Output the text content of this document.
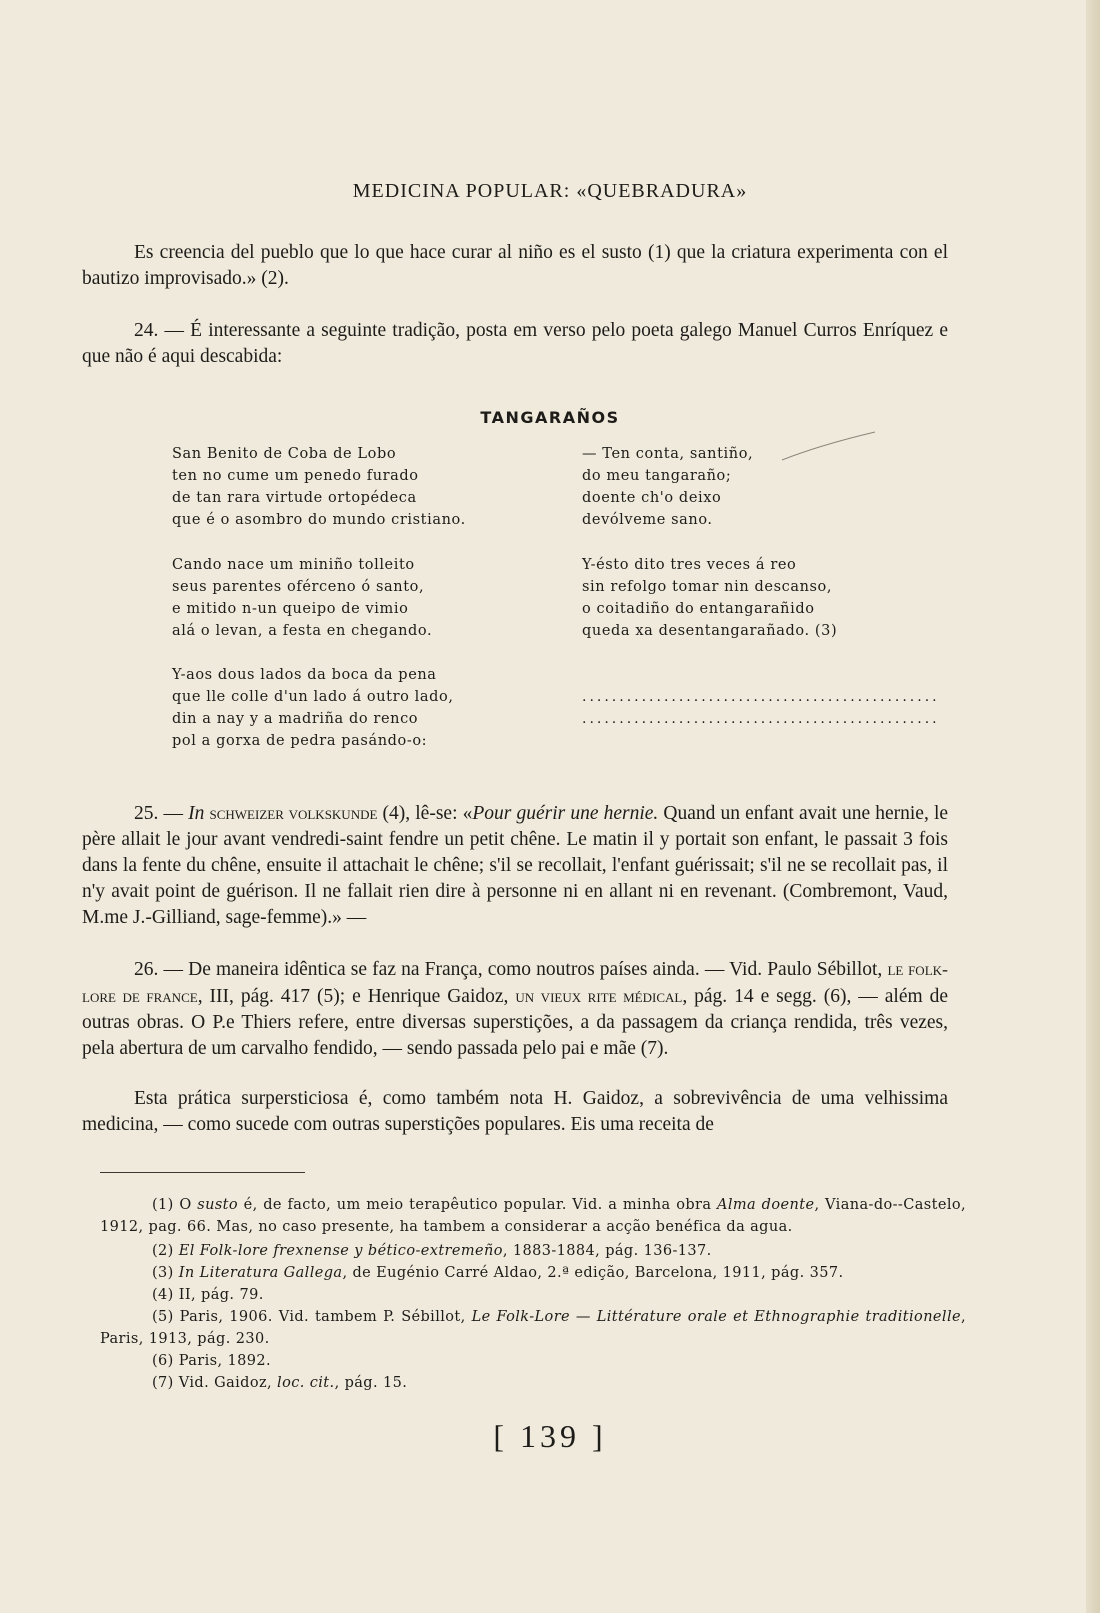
MEDICINA POPULAR: «QUEBRADURA»

Es creencia del pueblo que lo que hace curar al niño es el susto (1) que la criatura experimenta con el bautizo improvisado.» (2).

24. — É interessante a seguinte tradição, posta em verso pelo poeta galego Manuel Curros Enríquez e que não é aqui descabida:

TANGARAÑOS
San Benito de Coba de Lobo
ten no cume um penedo furado
de tan rara virtude ortopédeca
que é o asombro do mundo cristiano.
Cando nace um miniño tolleito
seus parentes oférceno ó santo,
e mitido n-un queipo de vimio
alá o levan, a festa en chegando.
Y-aos dous lados da boca da pena
que lle colle d'un lado á outro lado,
din a nay y a madriña do renco
pol a gorxa de pedra pasándo-o:
— Ten conta, santiño,
do meu tangaraño;
doente ch'o deixo
devólveme sano.
Y-ésto dito tres veces á reo
sin refolgo tomar nin descanso,
o coitadiño do entangarañido
queda xa desentangarañado. (3)
................................................
................................................

25. — In schweizer volkskunde (4), lê-se: «Pour guérir une hernie. Quand un enfant avait une hernie, le père allait le jour avant vendredi-saint fendre un petit chêne. Le matin il y portait son enfant, le passait 3 fois dans la fente du chêne, ensuite il attachait le chêne; s'il se recollait, l'enfant guérissait; s'il ne se recollait pas, il n'y avait point de guérison. Il ne fallait rien dire à personne ni en allant ni en revenant. (Combremont, Vaud, M.me J.-Gilliand, sage-femme).» —

26. — De maneira idêntica se faz na França, como noutros países ainda. — Vid. Paulo Sébillot, le folk-lore de france, III, pág. 417 (5); e Henrique Gaidoz, un vieux rite médical, pág. 14 e segg. (6), — além de outras obras. O P.e Thiers refere, entre diversas superstições, a da passagem da criança rendida, três vezes, pela abertura de um carvalho fendido, — sendo passada pelo pai e mãe (7).

Esta prática surpersticiosa é, como também nota H. Gaidoz, a sobrevivência de uma velhissima medicina, — como sucede com outras superstições populares. Eis uma receita de

(1) O susto é, de facto, um meio terapêutico popular. Vid. a minha obra Alma doente, Viana-do--Castelo, 1912, pag. 66. Mas, no caso presente, ha tambem a considerar a acção benéfica da agua.

(2) El Folk-lore frexnense y bético-extremeño, 1883-1884, pág. 136-137.

(3) In Literatura Gallega, de Eugénio Carré Aldao, 2.ª edição, Barcelona, 1911, pág. 357.

(4) II, pág. 79.

(5) Paris, 1906. Vid. tambem P. Sébillot, Le Folk-Lore — Littérature orale et Ethnographie traditionelle, Paris, 1913, pág. 230.

(6) Paris, 1892.

(7) Vid. Gaidoz, loc. cit., pág. 15.

[ 139 ]
